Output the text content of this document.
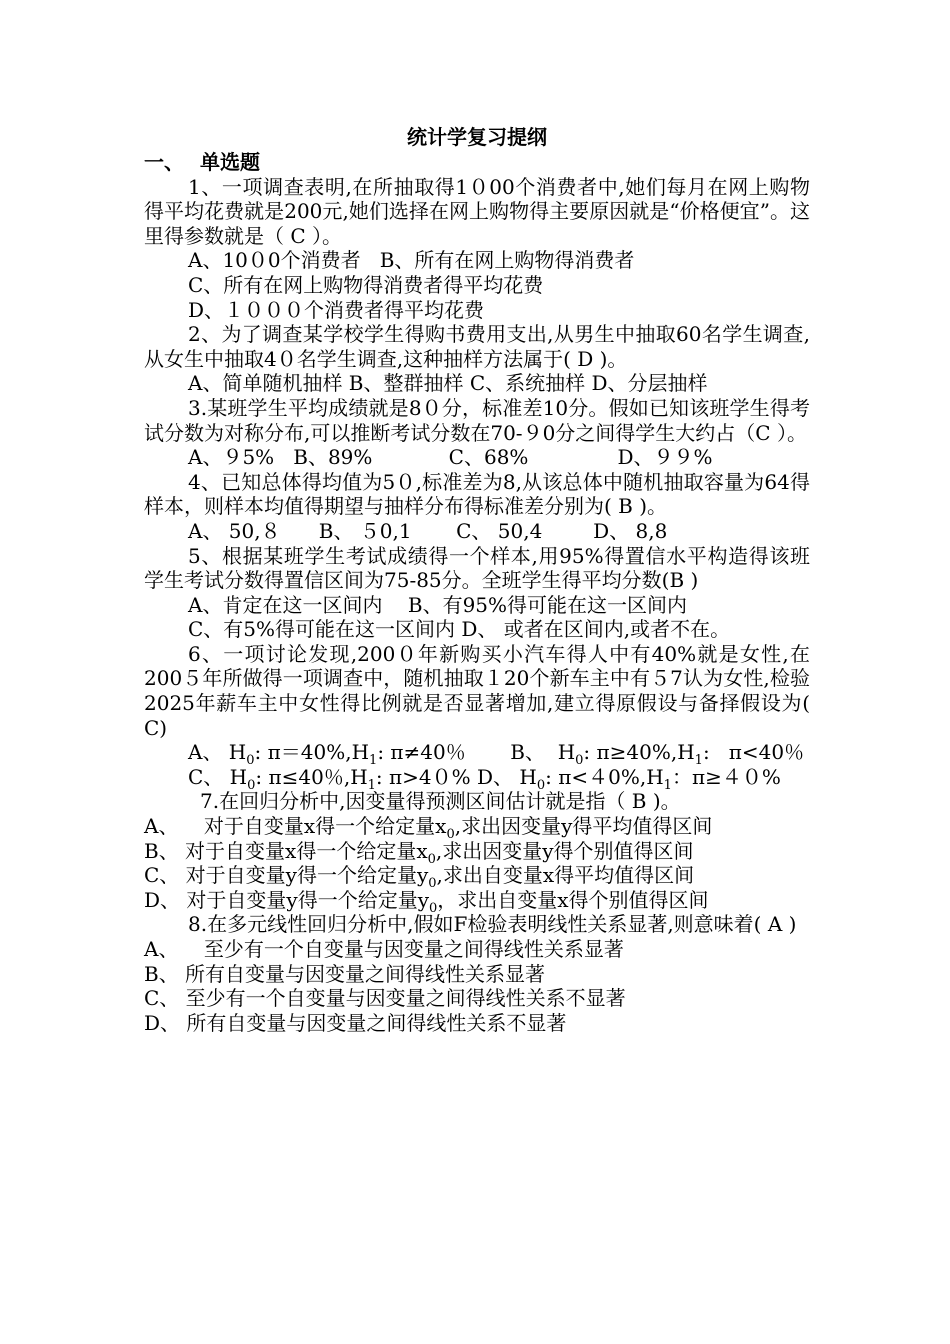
统计学复习提纲
一、 单选题

1、一项调查表明,在所抽取得1０00个消费者中,她们每月在网上购物得平均花费就是200元,她们选择在网上购物得主要原因就是“价格便宜”。这里得参数就是（ C ）。

A、10０0个消费者   B、所有在网上购物得消费者

C、所有在网上购物得消费者得平均花费

D、１０００个消费者得平均花费

2、为了调查某学校学生得购书费用支出,从男生中抽取60名学生调查,从女生中抽取4０名学生调查,这种抽样方法属于( D )。

A、简单随机抽样 B、整群抽样 C、系统抽样 D、分层抽样

3.某班学生平均成绩就是8０分，标准差10分。假如已知该班学生得考试分数为对称分布,可以推断考试分数在70-９0分之间得学生大约占（C ）。

A、９5%   B、89%            C、68%              D、９９%

4、已知总体得均值为5０,标准差为8,从该总体中随机抽取容量为64得样本，则样本均值得期望与抽样分布得标准差分别为( B )。

A、 50,８      B、 ５0,1       C、 50,4        D、 8,8

5、根据某班学生考试成绩得一个样本,用95%得置信水平构造得该班学生考试分数得置信区间为75-85分。全班学生得平均分数(B )

A、肯定在这一区间内    B、有95%得可能在这一区间内

C、有5%得可能在这一区间内 D、 或者在区间内,或者不在。

6、一项讨论发现,200０年新购买小汽车得人中有40%就是女性,在200５年所做得一项调查中，随机抽取１20个新车主中有５7认为女性,检验2025年薪车主中女性得比例就是否显著增加,建立得原假设与备择假设为( C)

A、 $H_0$: $\pi=40\%,H_1$: π≠40％ B、  $H_0$: $\pi\ge 40\%,H_1$:   π<40％

C、 $H_0$: π≤40％$,H_1$: π>4０% D、 $H_0$: $\pi<40\%,H_1$：π≥４０%

7.在回归分析中,因变量得预测区间估计就是指（ B )。

A、    对于自变量x得一个给定量$x_0$,求出因变量y得平均值得区间

B、 对于自变量x得一个给定量$x_0$,求出因变量y得个别值得区间

C、 对于自变量y得一个给定量$y_0$,求出自变量x得平均值得区间

D、 对于自变量y得一个给定量$y_0$，求出自变量x得个别值得区间

8.在多元线性回归分析中,假如F检验表明线性关系显著,则意味着( A )

A、    至少有一个自变量与因变量之间得线性关系显著

B、 所有自变量与因变量之间得线性关系显著

C、 至少有一个自变量与因变量之间得线性关系不显著

D、 所有自变量与因变量之间得线性关系不显著
